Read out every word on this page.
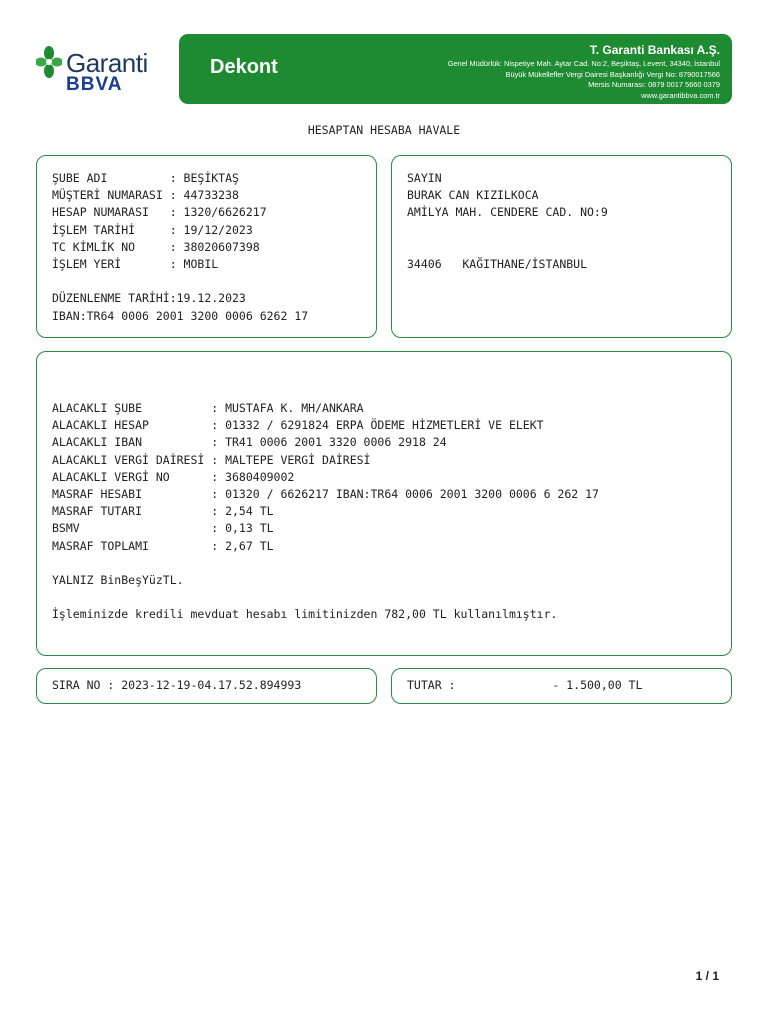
Garanti
BBVA
Dekont
T. Garanti Bankası A.Ş.
Genel Müdürlük: Nispetiye Mah. Aytar Cad. No:2, Beşiktaş, Levent, 34340, İstanbul
Büyük Mükellefler Vergi Dairesi Başkanlığı Vergi No: 8790017566
Mersis Numarası: 0879 0017 5660 0379
www.garantibbva.com.tr
HESAPTAN HESABA HAVALE

ŞUBE ADI         : BEŞİKTAŞ

MÜŞTERİ NUMARASI : 44733238

HESAP NUMARASI   : 1320/6626217

İŞLEM TARİHİ     : 19/12/2023

TC KİMLİK NO     : 38020607398

İŞLEM YERİ       : MOBIL

DÜZENLENME TARİHİ:19.12.2023

IBAN:TR64 0006 2001 3200 0006 6262 17

SAYIN

BURAK CAN KIZILKOCA

AMİLYA MAH. CENDERE CAD. NO:9

34406   KAĞITHANE/İSTANBUL

ALACAKLI ŞUBE          : MUSTAFA K. MH/ANKARA

ALACAKLI HESAP         : 01332 / 6291824 ERPA ÖDEME HİZMETLERİ VE ELEKT

ALACAKLI IBAN          : TR41 0006 2001 3320 0006 2918 24

ALACAKLI VERGİ DAİRESİ : MALTEPE VERGİ DAİRESİ

ALACAKLI VERGİ NO      : 3680409002

MASRAF HESABI          : 01320 / 6626217 IBAN:TR64 0006 2001 3200 0006 6 262 17

MASRAF TUTARI          : 2,54 TL

BSMV                   : 0,13 TL

MASRAF TOPLAMI         : 2,67 TL

YALNIZ BinBeşYüzTL.

İşleminizde kredili mevduat hesabı limitinizden 782,00 TL kullanılmıştır.

SIRA NO : 2023-12-19-04.17.52.894993	TUTAR :              - 1.500,00 TL

1 / 1
